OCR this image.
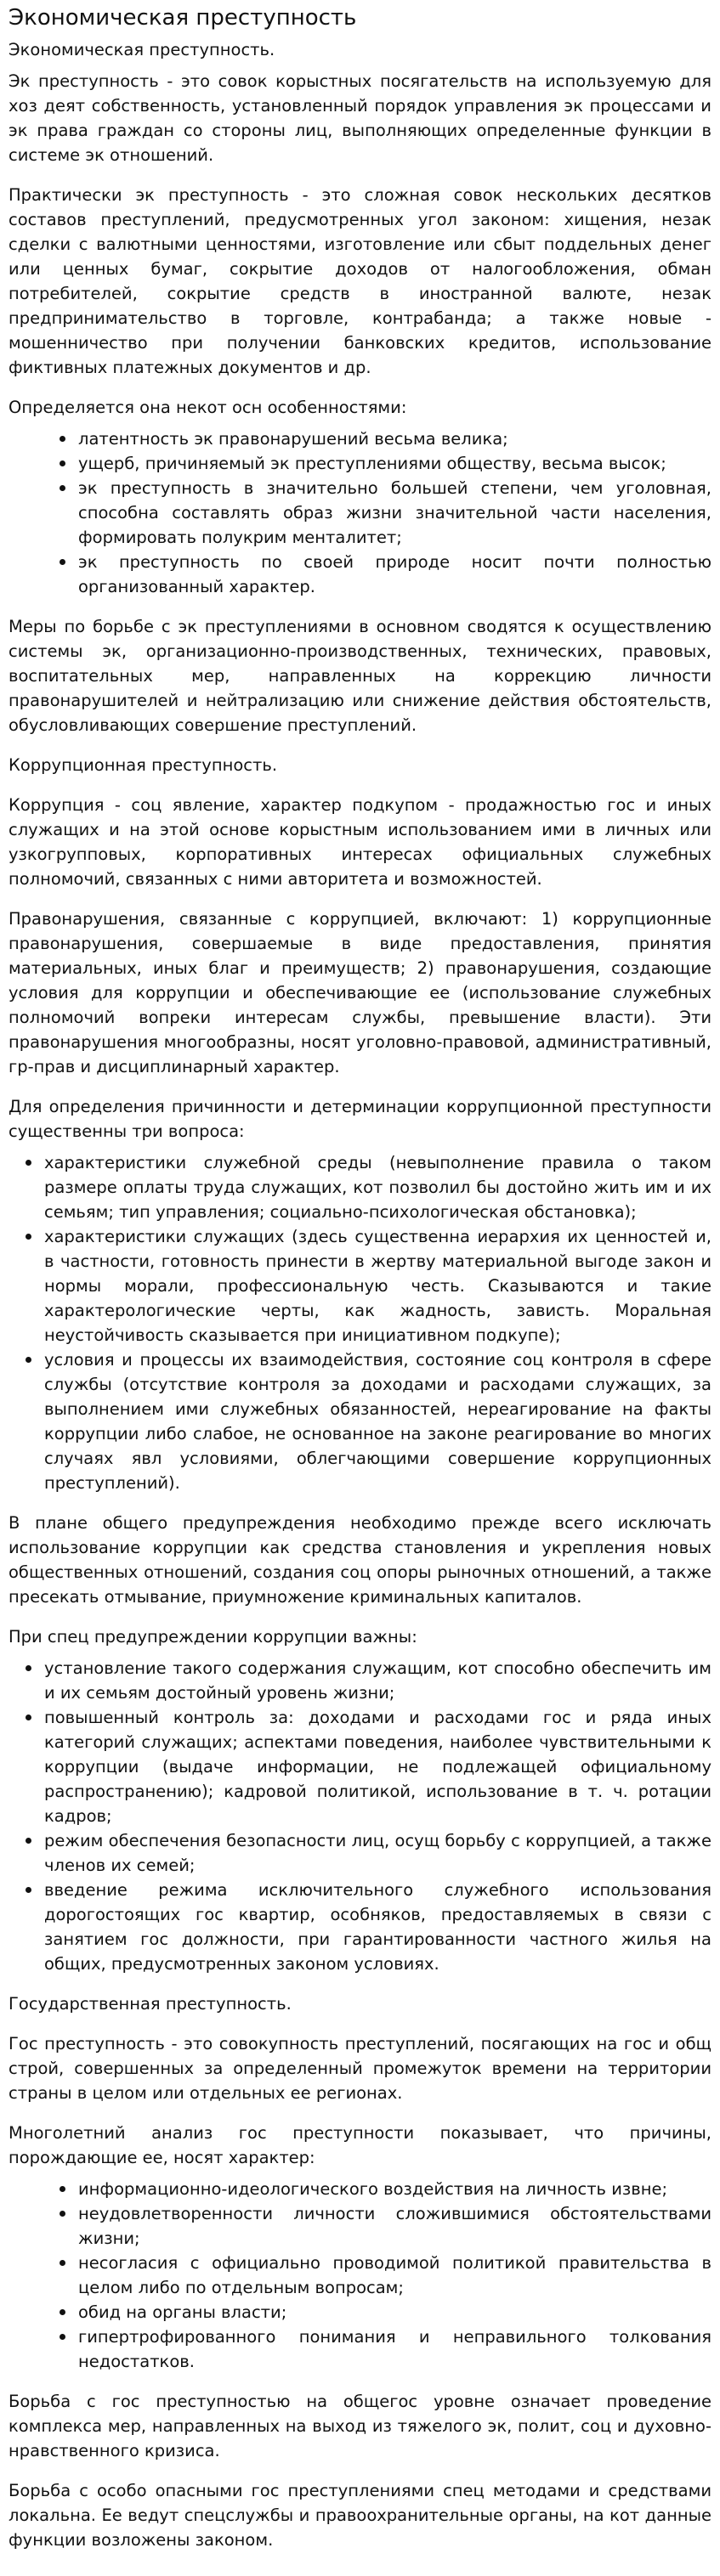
Экономическая преступность

Экономическая преступность.

Эк преступность - это совок корыстных посягательств на используемую для хоз деят собственность, установленный порядок управления эк процессами и эк права граждан со стороны лиц, выполняющих определенные функции в системе эк отношений.

Практически эк преступность - это сложная совок нескольких десятков составов преступлений, предусмотренных угол законом: хищения, незак сделки с валютными ценностями, изготовление или сбыт поддельных денег или ценных бумаг, сокрытие доходов от налогообложения, обман потребителей, сокрытие средств в иностранной валюте, незак предпринимательство в торговле, контрабанда; а также новые - мошенничество при получении банковских кредитов, использование фиктивных платежных документов и др.

Определяется она некот осн особенностями:

латентность эк правонарушений весьма велика;
ущерб, причиняемый эк преступлениями обществу, весьма высок;
эк преступность в значительно большей степени, чем уголовная, способна составлять образ жизни значительной части населения, формировать полукрим менталитет;
эк преступность по своей природе носит почти полностью организованный характер.

Меры по борьбе с эк преступлениями в основном сводятся к осуществлению системы эк, организационно-производственных, технических, правовых, воспитательных мер, направленных на коррекцию личности правонарушителей и нейтрализацию или снижение действия обстоятельств, обусловливающих совершение преступлений.

Коррупционная преступность.

Коррупция - соц явление, характер подкупом - продажностью гос и иных служащих и на этой основе корыстным использованием ими в личных или узкогрупповых, корпоративных интересах официальных служебных полномочий, связанных с ними авторитета и возможностей.

Правонарушения, связанные с коррупцией, включают: 1) коррупционные правонарушения, совершаемые в виде предоставления, принятия материальных, иных благ и преимуществ; 2) правонарушения, создающие условия для коррупции и обеспечивающие ее (использование служебных полномочий вопреки интересам службы, превышение власти). Эти правонарушения многообразны, носят уголовно-правовой, административный, гр-прав и дисциплинарный характер.

Для определения причинности и детерминации коррупционной преступности существенны три вопроса:

характеристики служебной среды (невыполнение правила о таком размере оплаты труда служащих, кот позволил бы достойно жить им и их семьям; тип управления; социально-психологическая обстановка);
характеристики служащих (здесь существенна иерархия их ценностей и, в частности, готовность принести в жертву материальной выгоде закон и нормы морали, профессиональную честь. Сказываются и такие характерологические черты, как жадность, зависть. Моральная неустойчивость сказывается при инициативном подкупе);
условия и процессы их взаимодействия, состояние соц контроля в сфере службы (отсутствие контроля за доходами и расходами служащих, за выполнением ими служебных обязанностей, нереагирование на факты коррупции либо слабое, не основанное на законе реагирование во многих случаях явл условиями, облегчающими совершение коррупционных преступлений).

В плане общего предупреждения необходимо прежде всего исключать использование коррупции как средства становления и укрепления новых общественных отношений, создания соц опоры рыночных отношений, а также пресекать отмывание, приумножение криминальных капиталов.

При спец предупреждении коррупции важны:

установление такого содержания служащим, кот способно обеспечить им и их семьям достойный уровень жизни;
повышенный контроль за: доходами и расходами гос и ряда иных категорий служащих; аспектами поведения, наиболее чувствительными к коррупции (выдаче информации, не подлежащей официальному распространению); кадровой политикой, использование в т. ч. ротации кадров;
режим обеспечения безопасности лиц, осущ борьбу с коррупцией, а также членов их семей;
введение режима исключительного служебного использования дорогостоящих гос квартир, особняков, предоставляемых в связи с занятием гос должности, при гарантированности частного жилья на общих, предусмотренных законом условиях.

Государственная преступность.

Гос преступность - это совокупность преступлений, посягающих на гос и общ строй, совершенных за определенный промежуток времени на территории страны в целом или отдельных ее регионах.

Многолетний анализ гос преступности показывает, что причины, порождающие ее, носят характер:

информационно-идеологического воздействия на личность извне;
неудовлетворенности личности сложившимися обстоятельствами жизни;
несогласия с официально проводимой политикой правительства в целом либо по отдельным вопросам;
обид на органы власти;
гипертрофированного понимания и неправильного толкования недостатков.

Борьба с гос преступностью на общегос уровне означает проведение комплекса мер, направленных на выход из тяжелого эк, полит, соц и духовно-нравственного кризиса.

Борьба с особо опасными гос преступлениями спец методами и средствами локальна. Ее ведут спецслужбы и правоохранительные органы, на кот данные функции возложены законом.
